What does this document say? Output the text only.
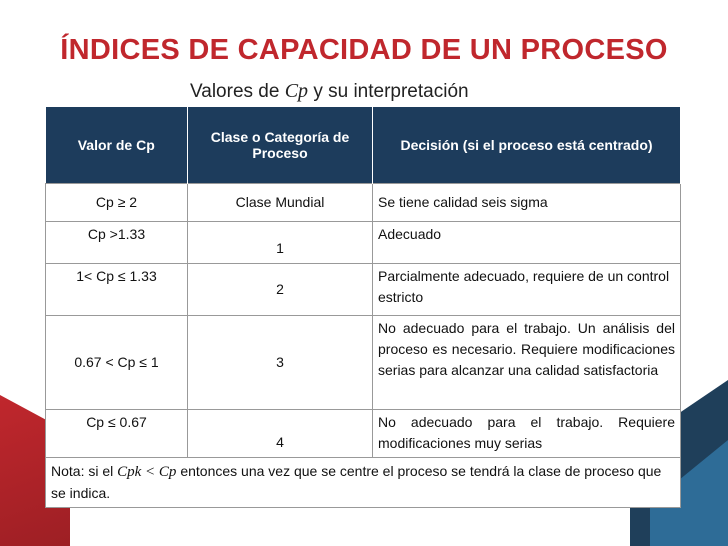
ÍNDICES DE CAPACIDAD DE UN PROCESO
Valores de Cp y su interpretación
Valor de Cp	Clase o Categoría de Proceso	Decisión (si el proceso está centrado)
Cp ≥ 2	Clase Mundial	Se tiene calidad seis sigma
Cp >1.33	1	Adecuado
1< Cp ≤ 1.33	2	Parcialmente adecuado, requiere de un control estricto
0.67 < Cp ≤ 1	3	No adecuado para el trabajo. Un análisis del proceso es necesario. Requiere modificaciones serias para alcanzar una calidad satisfactoria
Cp ≤ 0.67	4	No adecuado para el trabajo. Requiere modificaciones muy serias
Nota: si el Cpk < Cp entonces una vez que se centre el proceso se tendrá la clase de proceso que se indica.		
